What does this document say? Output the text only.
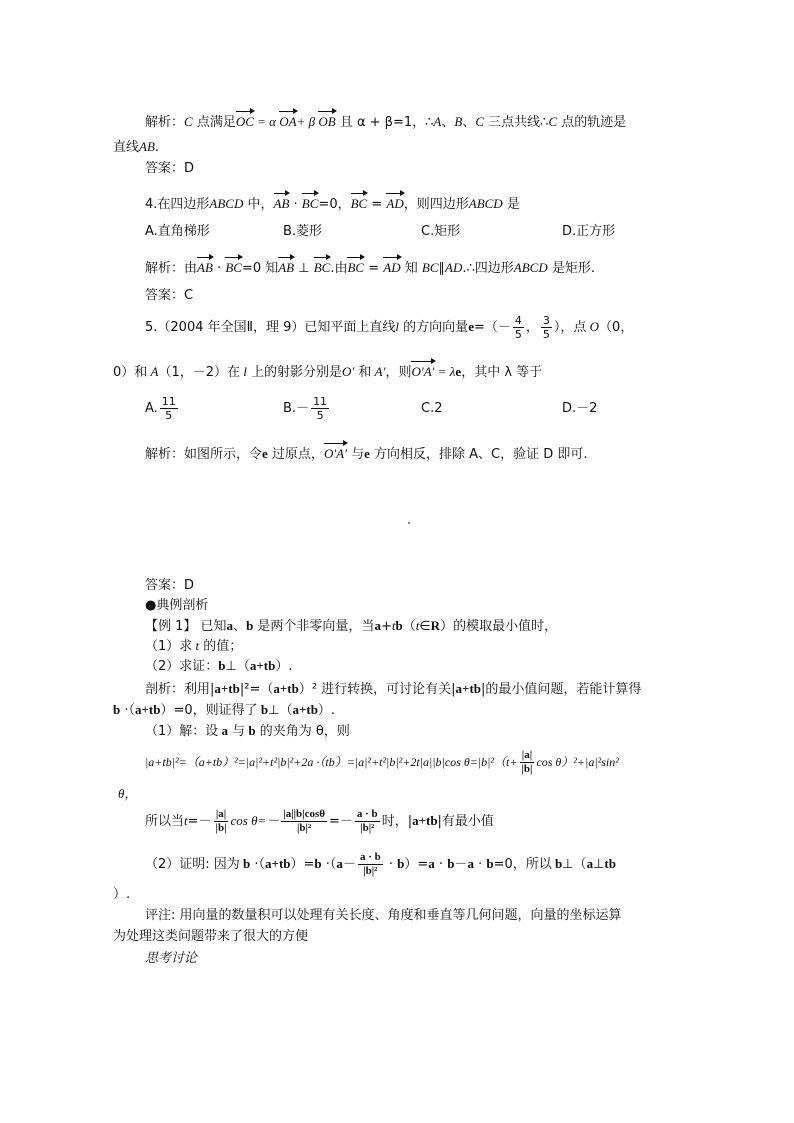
解析：C 点满足OC = α OA+ β OB 且 α + β=1，∴A、B、C 三点共线∴C 点的轨迹是
直线AB.
答案：D
4.在四边形ABCD 中，AB · BC=0，BC = AD，则四边形ABCD 是
A.直角梯形	B.菱形	C.矩形	D.正方形
解析：由AB · BC=0 知AB ⊥ BC.由BC = AD 知 BC∥AD.∴四边形ABCD 是矩形.
答案：C
5.（2004 年全国Ⅱ，理 9）已知平面上直线l 的方向向量$e=(- \frac{4}{5}$ ， $\frac{3}{5}$ ），点 O（0，
0）和 A（1，－2）在 l 上的射影分别是O′ 和 A′，则O′A′ = λe，其中 λ 等于
A. $\frac{11}{5}$	$B.- \frac{11}{5}$	C.2	D.－2
解析：如图所示，令e 过原点，O′A′ 与e 方向相反，排除 A、C，验证 D 即可.
答案：D
●典例剖析
【例 1】 已知a、b 是两个非零向量，当a+tb（t∈R）的模取最小值时，
（1）求 t 的值；
（2）求证：b⊥（a+tb）.
剖析：利用|a+tb|²=（a+tb）² 进行转换，可讨论有关|a+tb|的最小值问题，若能计算得
b ·（a+tb）=0，则证得了 b⊥（a+tb）.
（1）解：设 a 与 b 的夹角为 θ，则
|a+tb|²=（a+tb）²=|a|²+t²|b|²+2a ·（tb）=|a|²+t²|b|²+2t|a||b|cos $\theta=|b|^2(t+ \frac{|a|}{|b|}$ cos θ）²+|a|²sin²
θ，
所以当$t=- \frac{|a|}{|b|}$ $\cos \theta=- \frac{|a||b|\cos\theta}{\text{|b|²}} =- \frac{a \cdot b}{\text{|b|²}}$ 时，|a+tb|有最小值
（2）证明: 因为 $b \cdot(a+tb)=b \cdot(a- \frac{a \cdot b}{\text{|b|²}} \cdot b)=a \cdot b-a \cdot b=0$，所以 b⊥（a⊥tb
）.
评注: 用向量的数量积可以处理有关长度、角度和垂直等几何问题，向量的坐标运算
为处理这类问题带来了很大的方便
思考讨论
